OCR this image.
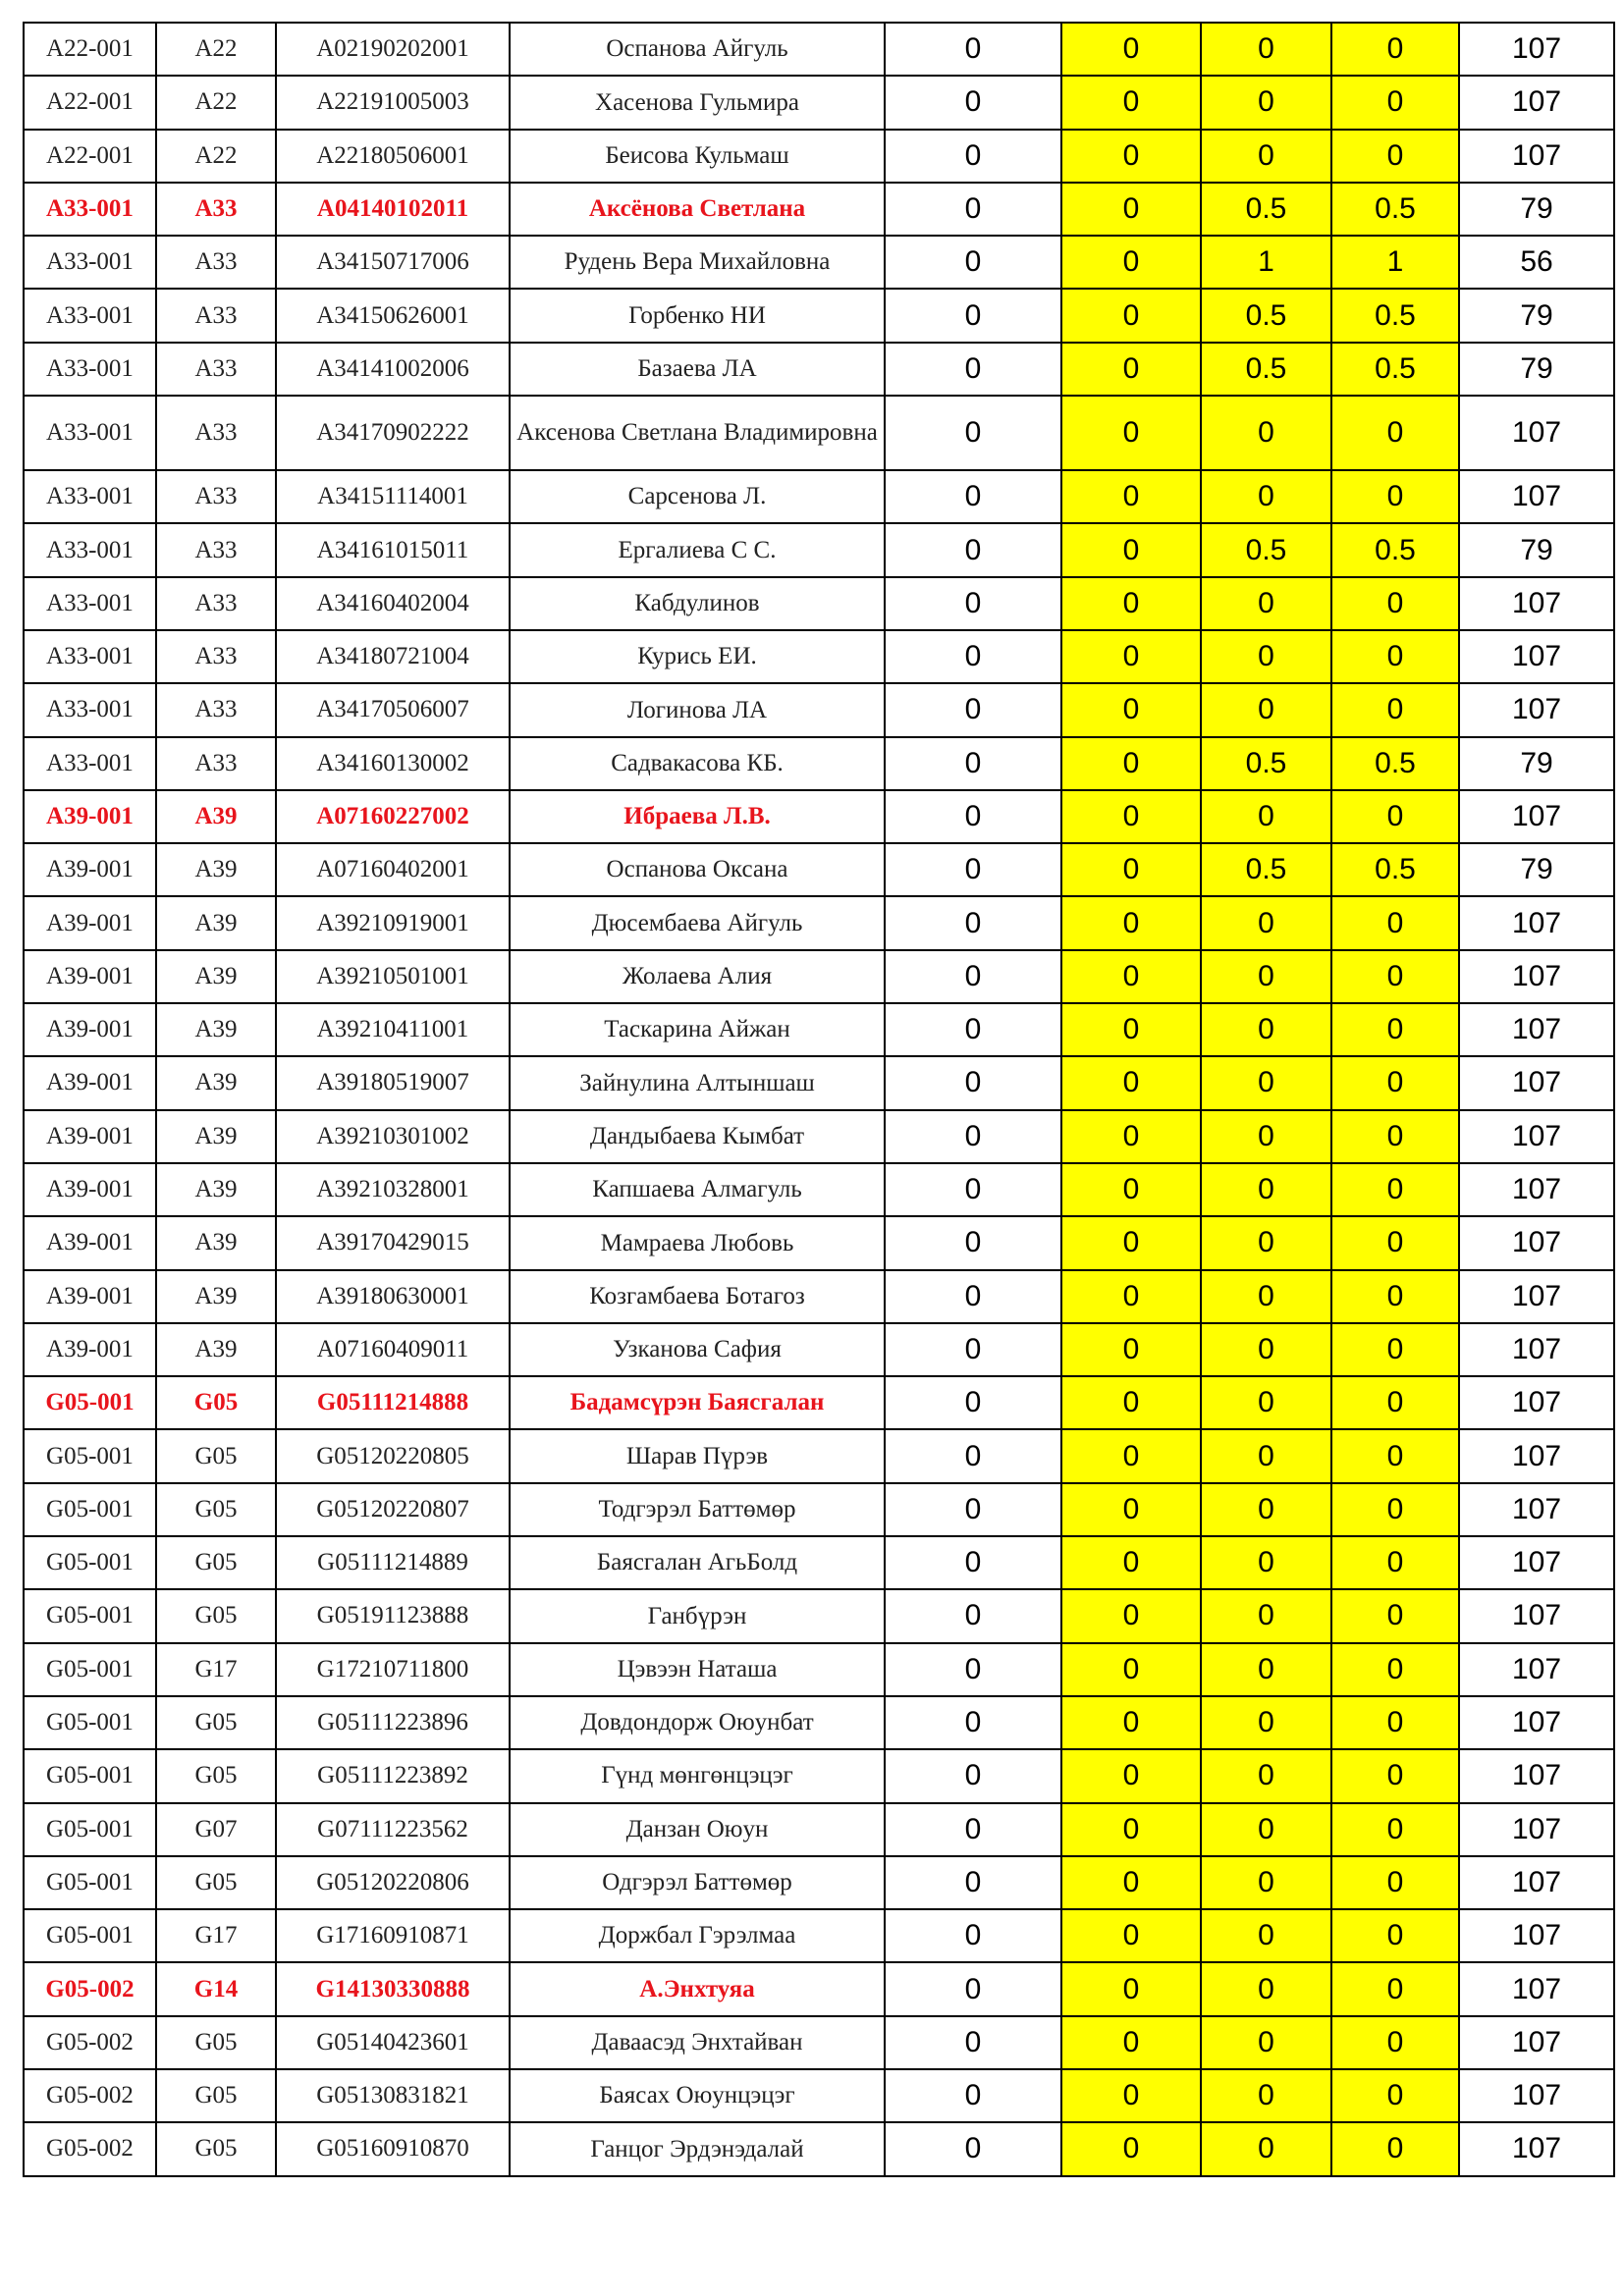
A22-001	A22	A02190202001	Оспанова Айгуль	0	0	0	0	107
A22-001	A22	A22191005003	Хасенова Гульмира	0	0	0	0	107
A22-001	A22	A22180506001	Беисова Кульмаш	0	0	0	0	107
A33-001	A33	A04140102011	Аксёнова Светлана	0	0	0.5	0.5	79
A33-001	A33	A34150717006	Рудень Вера Михайловна	0	0	1	1	56
A33-001	A33	A34150626001	Горбенко НИ	0	0	0.5	0.5	79
A33-001	A33	A34141002006	Базаева ЛА	0	0	0.5	0.5	79
A33-001	A33	A34170902222	Аксенова Светлана Владимировна	0	0	0	0	107
A33-001	A33	A34151114001	Сарсенова Л.	0	0	0	0	107
A33-001	A33	A34161015011	Ергалиева С С.	0	0	0.5	0.5	79
A33-001	A33	A34160402004	Кабдулинов	0	0	0	0	107
A33-001	A33	A34180721004	Курись ЕИ.	0	0	0	0	107
A33-001	A33	A34170506007	Логинова ЛА	0	0	0	0	107
A33-001	A33	A34160130002	Садвакасова КБ.	0	0	0.5	0.5	79
A39-001	A39	A07160227002	Ибраева Л.В.	0	0	0	0	107
A39-001	A39	A07160402001	Оспанова Оксана	0	0	0.5	0.5	79
A39-001	A39	A39210919001	Дюсембаева Айгуль	0	0	0	0	107
A39-001	A39	A39210501001	Жолаева Алия	0	0	0	0	107
A39-001	A39	A39210411001	Таскарина Айжан	0	0	0	0	107
A39-001	A39	A39180519007	Зайнулина Алтыншаш	0	0	0	0	107
A39-001	A39	A39210301002	Дандыбаева Кымбат	0	0	0	0	107
A39-001	A39	A39210328001	Капшаева Алмагуль	0	0	0	0	107
A39-001	A39	A39170429015	Мамраева Любовь	0	0	0	0	107
A39-001	A39	A39180630001	Козгамбаева Ботагоз	0	0	0	0	107
A39-001	A39	A07160409011	Узканова Сафия	0	0	0	0	107
G05-001	G05	G05111214888	Бадамсүрэн Баясгалан	0	0	0	0	107
G05-001	G05	G05120220805	Шарав Пүрэв	0	0	0	0	107
G05-001	G05	G05120220807	Тодгэрэл Баттөмөр	0	0	0	0	107
G05-001	G05	G05111214889	Баясгалан АгьБолд	0	0	0	0	107
G05-001	G05	G05191123888	Ганбүрэн	0	0	0	0	107
G05-001	G17	G17210711800	Цэвээн Наташа	0	0	0	0	107
G05-001	G05	G05111223896	Довдондорж Оюунбат	0	0	0	0	107
G05-001	G05	G05111223892	Гүнд мөнгөнцэцэг	0	0	0	0	107
G05-001	G07	G07111223562	Данзан Оюун	0	0	0	0	107
G05-001	G05	G05120220806	Одгэрэл Баттөмөр	0	0	0	0	107
G05-001	G17	G17160910871	Доржбал Гэрэлмаа	0	0	0	0	107
G05-002	G14	G14130330888	А.Энхтуяа	0	0	0	0	107
G05-002	G05	G05140423601	Даваасэд Энхтайван	0	0	0	0	107
G05-002	G05	G05130831821	Баясах Оюунцэцэг	0	0	0	0	107
G05-002	G05	G05160910870	Ганцог Эрдэнэдалай	0	0	0	0	107
